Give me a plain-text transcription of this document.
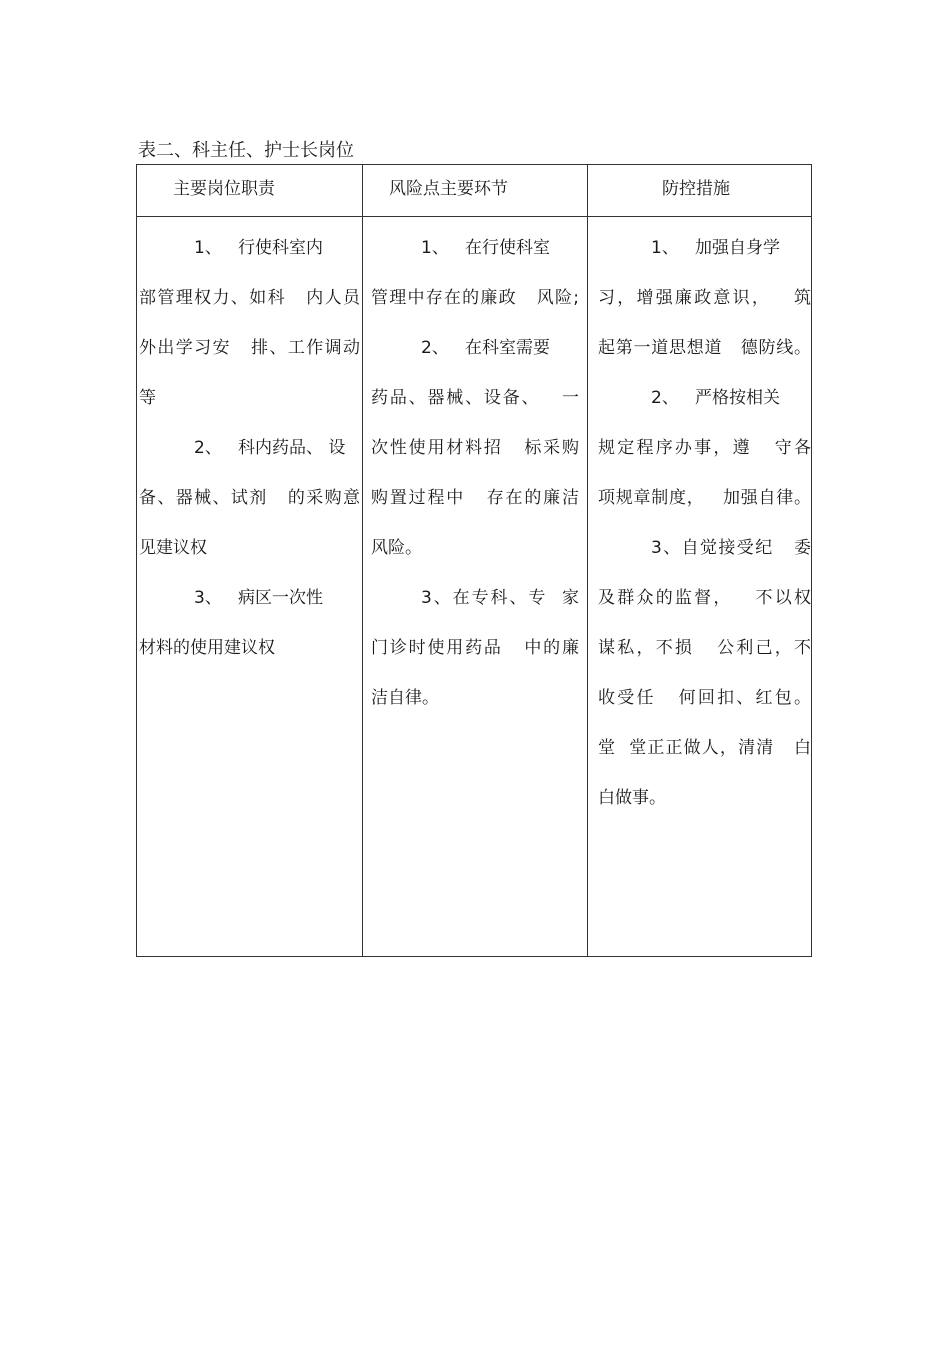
表二、科主任、护士长岗位
主要岗位职责	风险点主要环节	防控措施
1、   行使科室内
部管理权力、如科   内人员
外出学习安   排、工作调动
等
2、   科内药品、 设
备、器械、试剂   的采购意
见建议权
3、   病区一次性
材料的使用建议权
1、   在行使科室
管理中存在的廉政   风险;
2、   在科室需要
药品、器械、设备、   一
次性使用材料招   标采购
购置过程中   存在的廉洁
风险。
3、在专科、专  家
门诊时使用药品   中的廉
洁自律。
1、   加强自身学
习，增强廉政意识，   筑
起第一道思想道   德防线。
2、   严格按相关
规定程序办事，遵   守各
项规章制度，   加强自律。
3、自觉接受纪   委
及群众的监督，   不以权
谋私，不损   公利己，不
收受任   何回扣、红包。
堂  堂正正做人，清清   白
白做事。
